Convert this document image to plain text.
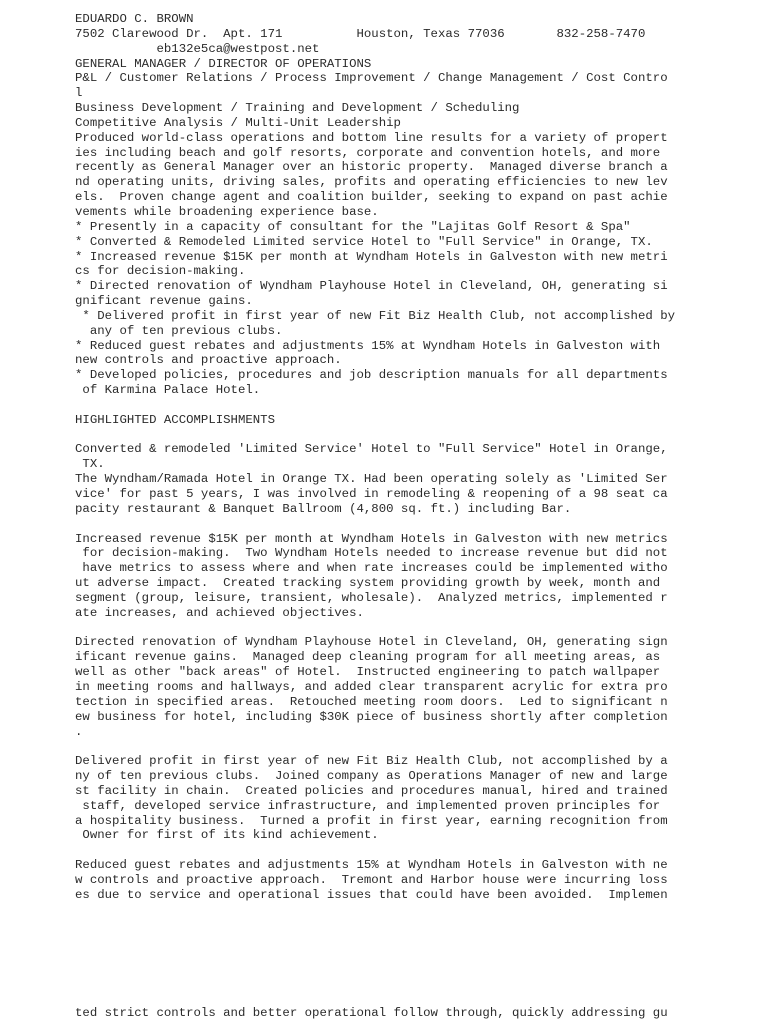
EDUARDO C. BROWN
7502 Clarewood Dr.  Apt. 171          Houston, Texas 77036       832-258-7470
eb132e5ca@westpost.net
GENERAL MANAGER / DIRECTOR OF OPERATIONS
P&L / Customer Relations / Process Improvement / Change Management / Cost Contro
l
Business Development / Training and Development / Scheduling
Competitive Analysis / Multi-Unit Leadership
Produced world-class operations and bottom line results for a variety of propert
ies including beach and golf resorts, corporate and convention hotels, and more
recently as General Manager over an historic property.  Managed diverse branch a
nd operating units, driving sales, profits and operating efficiencies to new lev
els.  Proven change agent and coalition builder, seeking to expand on past achie
vements while broadening experience base.
* Presently in a capacity of consultant for the "Lajitas Golf Resort & Spa"
* Converted & Remodeled Limited service Hotel to "Full Service" in Orange, TX.
* Increased revenue $15K per month at Wyndham Hotels in Galveston with new metri
cs for decision-making.
* Directed renovation of Wyndham Playhouse Hotel in Cleveland, OH, generating si
gnificant revenue gains.
* Delivered profit in first year of new Fit Biz Health Club, not accomplished by
any of ten previous clubs.
* Reduced guest rebates and adjustments 15% at Wyndham Hotels in Galveston with
new controls and proactive approach.
* Developed policies, procedures and job description manuals for all departments
of Karmina Palace Hotel.
HIGHLIGHTED ACCOMPLISHMENTS
Converted & remodeled 'Limited Service' Hotel to "Full Service" Hotel in Orange,
TX.
The Wyndham/Ramada Hotel in Orange TX. Had been operating solely as 'Limited Ser
vice' for past 5 years, I was involved in remodeling & reopening of a 98 seat ca
pacity restaurant & Banquet Ballroom (4,800 sq. ft.) including Bar.
Increased revenue $15K per month at Wyndham Hotels in Galveston with new metrics
for decision-making.  Two Wyndham Hotels needed to increase revenue but did not
have metrics to assess where and when rate increases could be implemented witho
ut adverse impact.  Created tracking system providing growth by week, month and
segment (group, leisure, transient, wholesale).  Analyzed metrics, implemented r
ate increases, and achieved objectives.
Directed renovation of Wyndham Playhouse Hotel in Cleveland, OH, generating sign
ificant revenue gains.  Managed deep cleaning program for all meeting areas, as
well as other "back areas" of Hotel.  Instructed engineering to patch wallpaper
in meeting rooms and hallways, and added clear transparent acrylic for extra pro
tection in specified areas.  Retouched meeting room doors.  Led to significant n
ew business for hotel, including $30K piece of business shortly after completion
.
Delivered profit in first year of new Fit Biz Health Club, not accomplished by a
ny of ten previous clubs.  Joined company as Operations Manager of new and large
st facility in chain.  Created policies and procedures manual, hired and trained
staff, developed service infrastructure, and implemented proven principles for
a hospitality business.  Turned a profit in first year, earning recognition from
Owner for first of its kind achievement.
Reduced guest rebates and adjustments 15% at Wyndham Hotels in Galveston with ne
w controls and proactive approach.  Tremont and Harbor house were incurring loss
es due to service and operational issues that could have been avoided.  Implemen
ted strict controls and better operational follow through, quickly addressing gu
